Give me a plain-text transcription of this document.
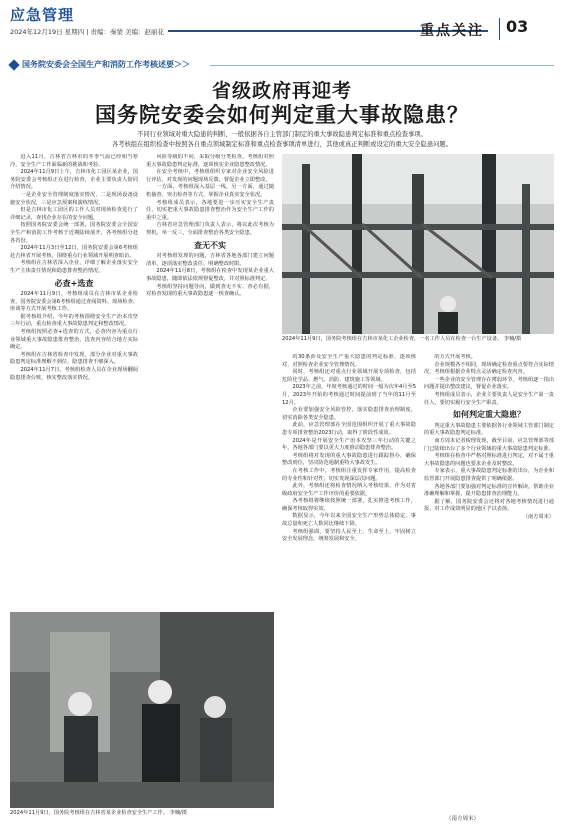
应急管理
2024年12月19日 星期四 | 责编：秦蒙 美编：赵丽花	重点关注 03
国务院安委会全国生产和消防工作考核述要＞＞
省级政府再迎考
国务院安委会如何判定重大事故隐患？
不同行业领域对重大隐患的判断，一般依据各自主管部门制定的重大事故隐患判定标准和重点检查事项。
各考核组在组织检查中按照各自重点领域制定标准和重点检查事项清单进行，其他或真正判断或设定的重大安全隐患问题。

进入11月，吉林省吉林市的冬季气温已经相当寒冷，安全生产工作面临新的挑战和考验。

2024年11月9日上午，吉林市化工园区某企业，国务院安委会考核组正在进行检查，企业主要负责人陪同介绍情况。

一是企业安全管理制度落实情况，二是现场设备设施安全状况，三是应急预案和演练情况。

但是吉林市化工园区的工作人员对现场检查进行了详细记录，查找企业存在的安全问题。

按照国务院安委会统一部署，国务院安委会全国安全生产和消防工作考核于近期陆续展开，各考核组分赴各省份。

2024年11月3日至12日，国务院安委会第6考核组赴吉林省开展考核，围绕重点行业领域开展明查暗访。

考核组在吉林省深入企业，详细了解企业落实安全生产主体责任情况和隐患排查整治情况。

必查+选查

2024年11月9日，考核组成员在吉林市某企业检查，国务院安委会第6考核组通过查阅资料、现场检查、座谈等方式开展考核工作。

据考核组介绍，今年的考核围绕安全生产治本攻坚三年行动，重点检查重大事故隐患判定和整改情况。

考核组按照必查+选查的方式，必查内容为重点行业领域重大事故隐患排查整治，选查内容结合地方实际确定。

考核组在吉林省检查中发现，部分企业对重大事故隐患判定标准理解不到位，隐患排查不够深入。

2024年11月7日，考核组检查人员在企业现场翻阅隐患排查台账，核实整改落实情况。

风险等级的不同，采取分级分类检查。考核组对照重大事故隐患判定标准，逐项核实企业隐患整改情况。

在安全考核中，考核组组织专家对企业安全风险进行评估，对发现的问题现场反馈，督促企业立即整改。

一方面，考核组深入基层一线，另一方面，通过随机抽查、突击检查等方式，掌握企业真实安全状况。

考核组成员表示，各地要进一步压实安全生产责任，切实把重大事故隐患排查整治作为安全生产工作的重中之重。

吉林省应急管理部门负责人表示，将以此次考核为契机，举一反三，全面排查整治各类安全隐患。

查无不实

对考核组发现的问题，吉林省各地各部门建立问题清单，逐项落实整改责任，明确整改时限。

2024年11月8日，考核组在检查中发现某企业重大事故隐患，随即依法依规督促整改，并对照标准判定。

考核组坚持问题导向，做到查无不实、查必有据，对检查发现的重大事故隐患逐一核查确认。

2024年11月9日，国务院考核组在吉林省某企业检查安全生产工作。 李楠/摄
2024年11月9日，国务院考核组在吉林市某化工企业检查，一名工作人员在检查一台生产设备。 李楠/摄

的30条涉及安全生产重大隐患的判定标准，逐项核对，对照检查企业安全管理情况。

同时，考核组还对重点行业领域开展专项检查，包括危险化学品、燃气、消防、建筑施工等领域。

2023年之前，年度考核通过的时间一般为次年4月至5月，2023年开始的考核通过时间提前到了当年的11月至12月。

企业要加强安全风险管控，落实隐患排查治理制度，切实消除各类安全隐患。

此前，应急管理部在全国范围组织开展了重大事故隐患专项排查整治2023行动，取得了阶段性成效。

2024年是开展安全生产治本攻坚三年行动的关键之年，各地各部门要以更大力度推动隐患排查整治。

考核组将对发现的重大事故隐患进行跟踪督办，确保整改到位，坚决防范遏制重特大事故发生。

在考核工作中，考核组注重发挥专家作用，提高检查的专业性和针对性，切实发现深层次问题。

此外，考核组还将检查情况纳入考核结果，作为对省级政府安全生产工作评价的重要依据。

各考核组将继续按照统一部署，扎实推进考核工作，确保考核取得实效。

数据显示，今年以来全国安全生产形势总体稳定，事故总量和死亡人数同比继续下降。

考核组强调，要坚持人民至上、生命至上，牢固树立安全发展理念，统筹发展和安全。

的方式开展考核。

企业规模各不相同，现场确定检查重点要符合实际情况，考核组根据企业特点灵活确定检查内容。

一些企业的安全管理存在薄弱环节，考核组逐一指出问题并提出整改建议，督促企业落实。

考核组成员表示，企业主要负责人是安全生产第一责任人，要切实履行安全生产职责。

如何判定重大隐患？

判定重大事故隐患主要依据各行业领域主管部门制定的重大事故隐患判定标准。

南方周末记者梳理发现，截至目前，应急管理部等部门已陆续出台了多个行业领域的重大事故隐患判定标准。

考核组在检查中严格对照标准进行判定，对不属于重大事故隐患的问题也要求企业及时整改。

专家表示，重大事故隐患判定标准的出台，为企业和监管部门开展隐患排查提供了明确依据。

各地各部门要加强对判定标准的宣传解读，帮助企业准确理解和掌握，提升隐患排查治理能力。

据了解，国务院安委会还将对各地考核情况进行通报，对工作成效明显的地区予以表扬。

（南方周末）
（南方周末）
